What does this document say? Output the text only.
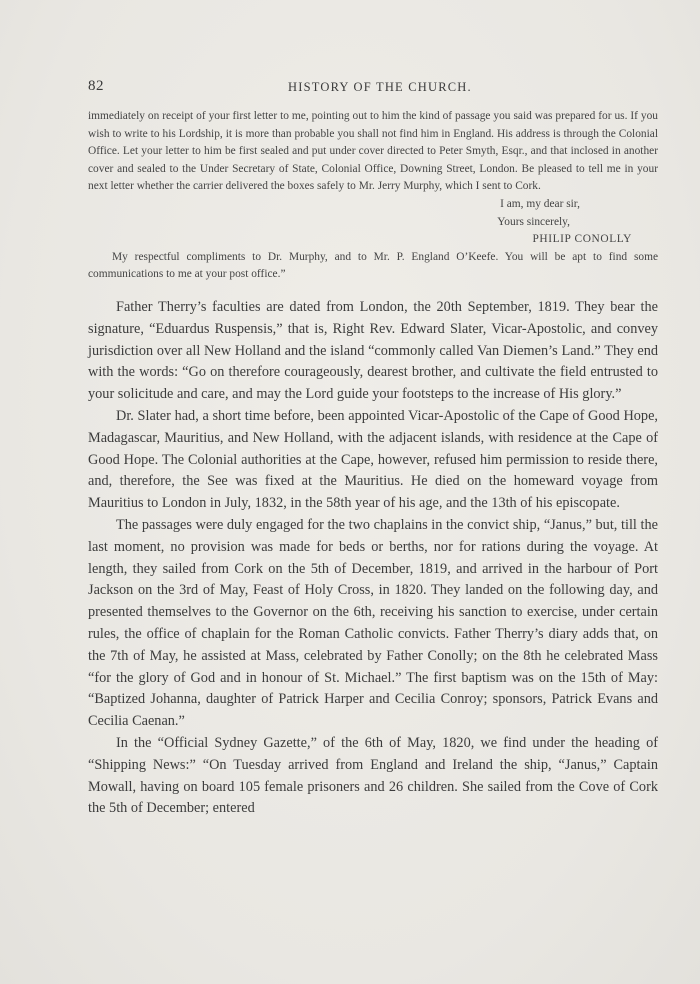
82	HISTORY OF THE CHURCH.

immediately on receipt of your first letter to me, pointing out to him the kind of passage you said was prepared for us. If you wish to write to his Lordship, it is more than probable you shall not find him in England. His address is through the Colonial Office. Let your letter to him be first sealed and put under cover directed to Peter Smyth, Esqr., and that inclosed in another cover and sealed to the Under Secretary of State, Colonial Office, Downing Street, London. Be pleased to tell me in your next letter whether the carrier delivered the boxes safely to Mr. Jerry Murphy, which I sent to Cork.

I am, my dear sir,
Yours sincerely,
PHILIP CONOLLY

My respectful compliments to Dr. Murphy, and to Mr. P. England O’Keefe. You will be apt to find some communications to me at your post office.”

Father Therry’s faculties are dated from London, the 20th September, 1819. They bear the signature, “Eduardus Ruspensis,” that is, Right Rev. Edward Slater, Vicar-Apostolic, and convey jurisdiction over all New Holland and the island “commonly called Van Diemen’s Land.” They end with the words: “Go on therefore courageously, dearest brother, and cultivate the field entrusted to your solicitude and care, and may the Lord guide your footsteps to the increase of His glory.”

Dr. Slater had, a short time before, been appointed Vicar-Apostolic of the Cape of Good Hope, Madagascar, Mauritius, and New Holland, with the adjacent islands, with residence at the Cape of Good Hope. The Colonial authorities at the Cape, however, refused him permission to reside there, and, therefore, the See was fixed at the Mauritius. He died on the homeward voyage from Mauritius to London in July, 1832, in the 58th year of his age, and the 13th of his episcopate.

The passages were duly engaged for the two chaplains in the convict ship, “Janus,” but, till the last moment, no provision was made for beds or berths, nor for rations during the voyage. At length, they sailed from Cork on the 5th of December, 1819, and arrived in the harbour of Port Jackson on the 3rd of May, Feast of Holy Cross, in 1820. They landed on the following day, and presented themselves to the Governor on the 6th, receiving his sanction to exercise, under certain rules, the office of chaplain for the Roman Catholic convicts. Father Therry’s diary adds that, on the 7th of May, he assisted at Mass, celebrated by Father Conolly; on the 8th he celebrated Mass “for the glory of God and in honour of St. Michael.” The first baptism was on the 15th of May: “Baptized Johanna, daughter of Patrick Harper and Cecilia Conroy; sponsors, Patrick Evans and Cecilia Caenan.”

In the “Official Sydney Gazette,” of the 6th of May, 1820, we find under the heading of “Shipping News:” “On Tuesday arrived from England and Ireland the ship, “Janus,” Captain Mowall, having on board 105 female prisoners and 26 children. She sailed from the Cove of Cork the 5th of December; entered
